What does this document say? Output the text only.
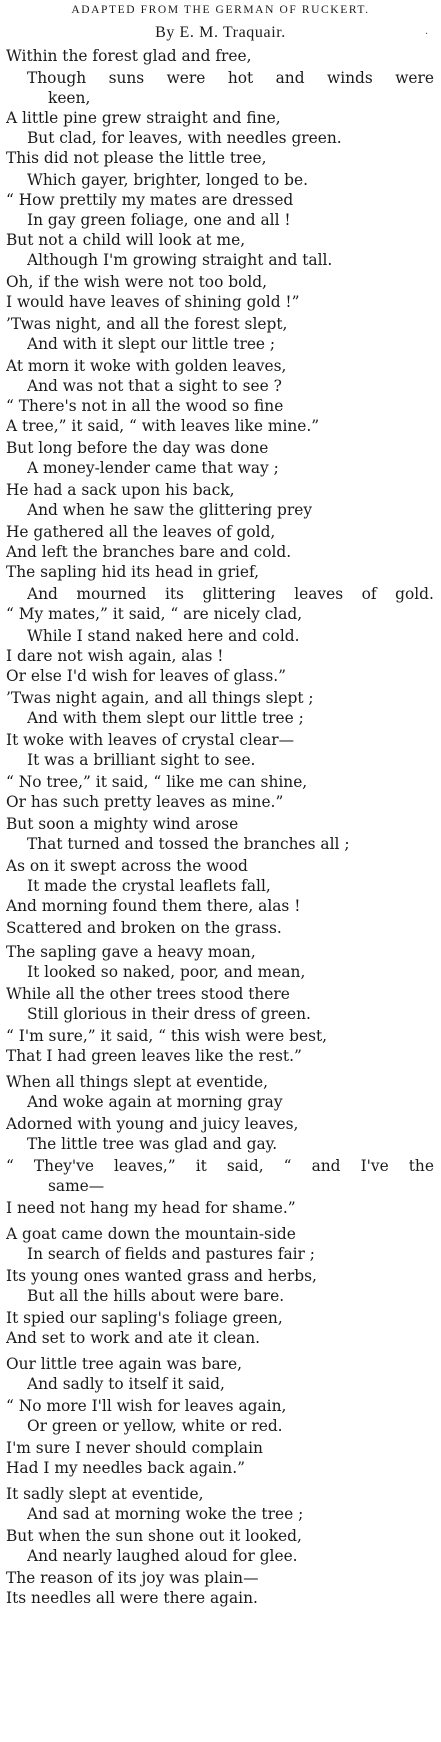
ADAPTED FROM THE GERMAN OF RUCKERT.
By E. M. Traquair.	·
Within the forest glad and free,
Though suns were hot and winds were
keen,
A little pine grew straight and fine,
But clad, for leaves, with needles green.
This did not please the little tree,
Which gayer, brighter, longed to be.
“ How prettily my mates are dressed
In gay green foliage, one and all !
But not a child will look at me,
Although I'm growing straight and tall.
Oh, if the wish were not too bold,
I would have leaves of shining gold !”
’Twas night, and all the forest slept,
And with it slept our little tree ;
At morn it woke with golden leaves,
And was not that a sight to see ?
“ There's not in all the wood so fine
A tree,” it said, “ with leaves like mine.”
But long before the day was done
A money-lender came that way ;
He had a sack upon his back,
And when he saw the glittering prey
He gathered all the leaves of gold,
And left the branches bare and cold.
The sapling hid its head in grief,
And mourned its glittering leaves of gold.
“ My mates,” it said, “ are nicely clad,
While I stand naked here and cold.
I dare not wish again, alas !
Or else I'd wish for leaves of glass.”
’Twas night again, and all things slept ;
And with them slept our little tree ;
It woke with leaves of crystal clear—
It was a brilliant sight to see.
“ No tree,” it said, “ like me can shine,
Or has such pretty leaves as mine.”
But soon a mighty wind arose
That turned and tossed the branches all ;
As on it swept across the wood
It made the crystal leaflets fall,
And morning found them there, alas !
Scattered and broken on the grass.
The sapling gave a heavy moan,
It looked so naked, poor, and mean,
While all the other trees stood there
Still glorious in their dress of green.
“ I'm sure,” it said, “ this wish were best,
That I had green leaves like the rest.”
When all things slept at eventide,
And woke again at morning gray
Adorned with young and juicy leaves,
The little tree was glad and gay.
“ They've leaves,” it said, “ and I've the
same—
I need not hang my head for shame.”
A goat came down the mountain-side
In search of fields and pastures fair ;
Its young ones wanted grass and herbs,
But all the hills about were bare.
It spied our sapling's foliage green,
And set to work and ate it clean.
Our little tree again was bare,
And sadly to itself it said,
“ No more I'll wish for leaves again,
Or green or yellow, white or red.
I'm sure I never should complain
Had I my needles back again.”
It sadly slept at eventide,
And sad at morning woke the tree ;
But when the sun shone out it looked,
And nearly laughed aloud for glee.
The reason of its joy was plain—
Its needles all were there again.
